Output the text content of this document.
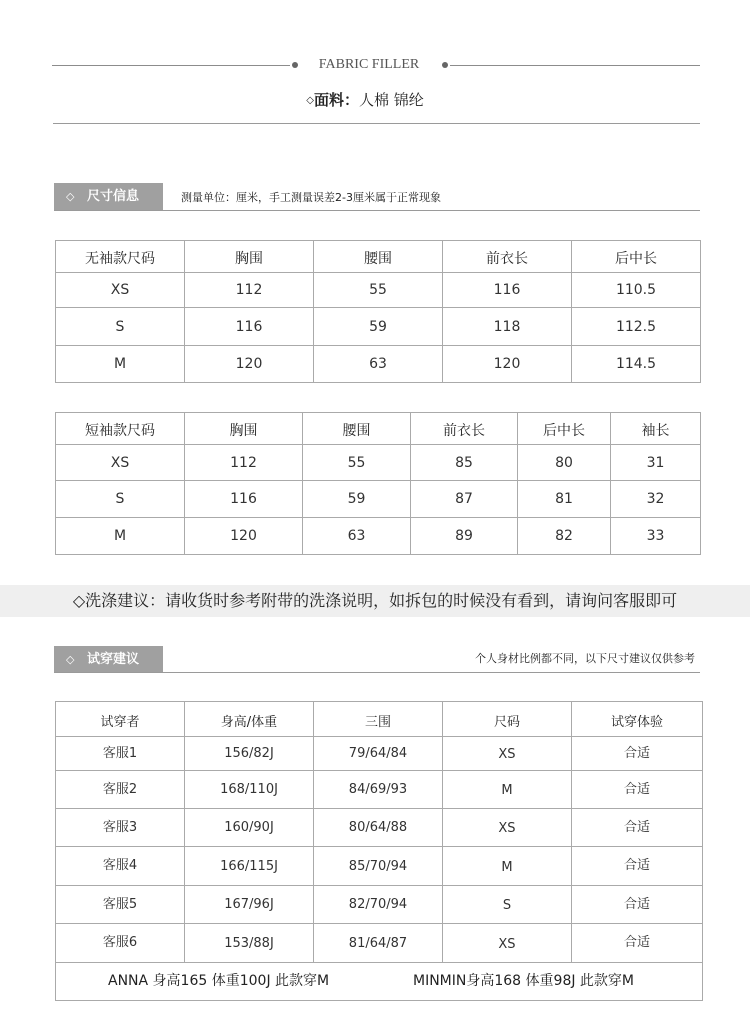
FABRIC FILLER
◇面料：人棉 锦纶
◇ 尺寸信息	测量单位：厘米，手工测量误差2-3厘米属于正常现象
无袖款尺码	胸围	腰围	前衣长	后中长
XS	112	55	116	110.5
S	116	59	118	112.5
M	120	63	120	114.5
短袖款尺码	胸围	腰围	前衣长	后中长	袖长
XS	112	55	85	80	31
S	116	59	87	81	32
M	120	63	89	82	33
◇洗涤建议：请收货时参考附带的洗涤说明，如拆包的时候没有看到，请询问客服即可
◇ 试穿建议	个人身材比例都不同，以下尺寸建议仅供参考
试穿者	身高/体重	三围	尺码	试穿体验
客服1	156/82J	79/64/84	XS	合适
客服2	168/110J	84/69/93	M	合适
客服3	160/90J	80/64/88	XS	合适
客服4	166/115J	85/70/94	M	合适
客服5	167/96J	82/70/94	S	合适
客服6	153/88J	81/64/87	XS	合适

ANNA 身高165 体重100J 此款穿M MINMIN身高168 体重98J 此款穿M				
